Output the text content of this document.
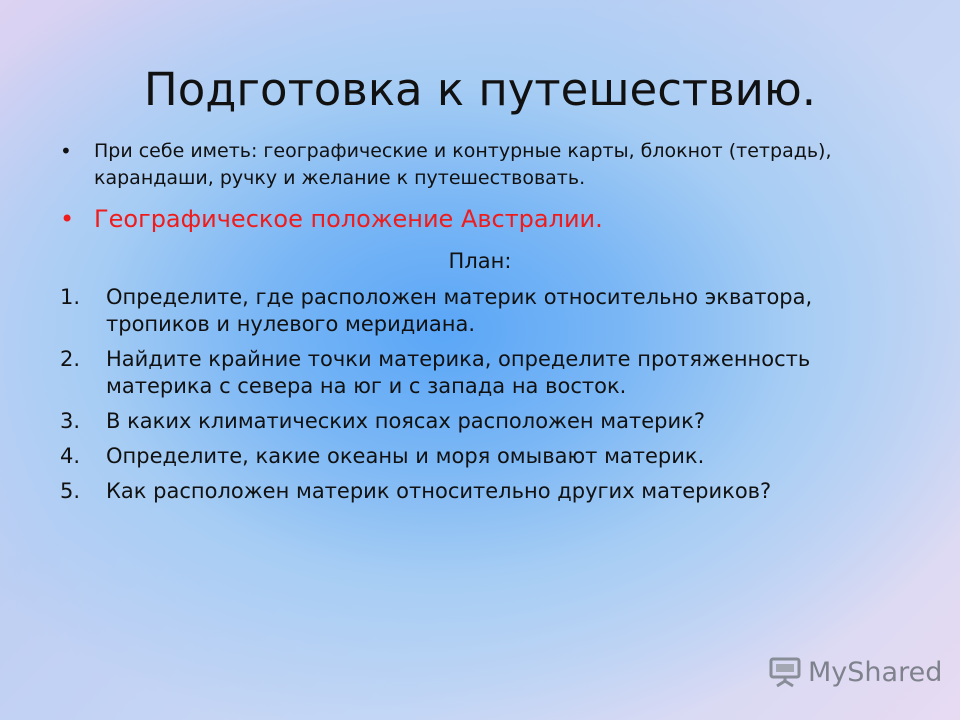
Подготовка к путешествию.
• При себе иметь: географические и контурные карты, блокнот (тетрадь), карандаши, ручку и желание к путешествовать.
• Географическое положение Австралии.
План:
1. Определите, где расположен материк относительно экватора, тропиков и нулевого меридиана.
2. Найдите крайние точки материка, определите протяженность материка с севера на юг и с запада на восток.
3. В каких климатических поясах расположен материк?
4. Определите, какие океаны и моря омывают материк.
5. Как расположен материк относительно других материков?
MyShared
